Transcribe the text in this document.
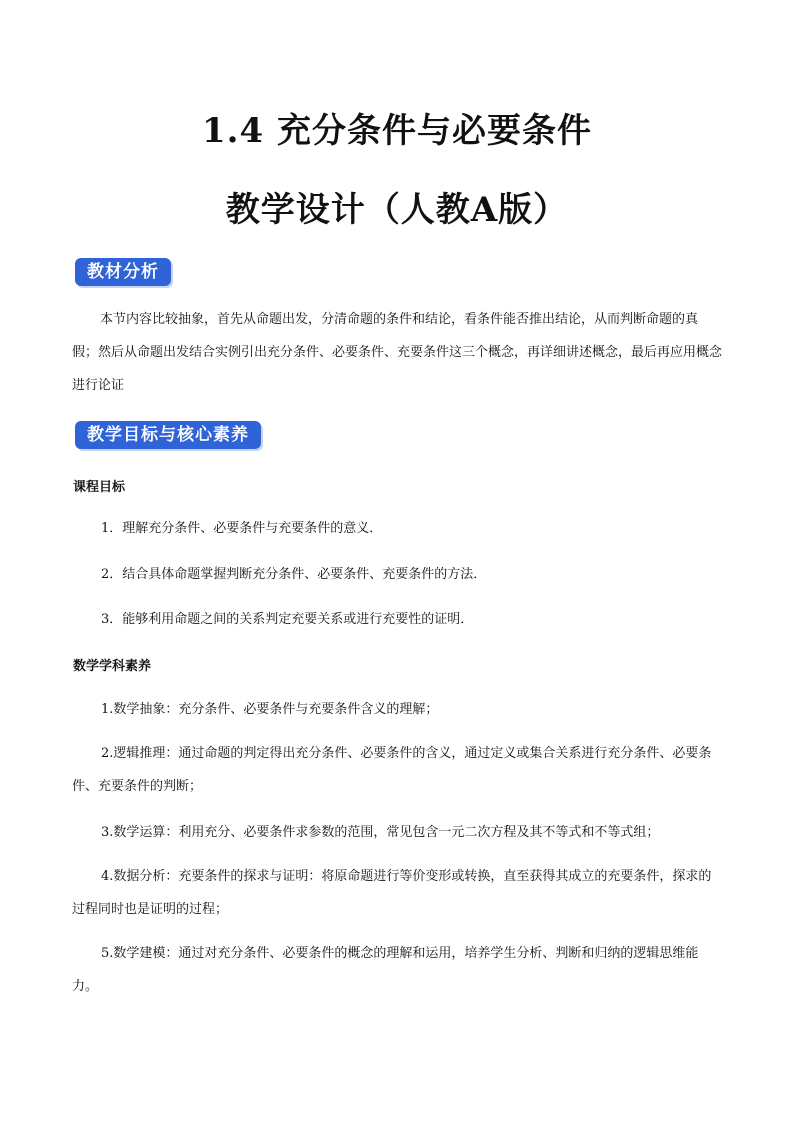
1.4 充分条件与必要条件
教学设计（人教A版）
教材分析
本节内容比较抽象，首先从命题出发，分清命题的条件和结论，看条件能否推出结论，从而判断命题的真假；然后从命题出发结合实例引出充分条件、必要条件、充要条件这三个概念，再详细讲述概念，最后再应用概念进行论证
教学目标与核心素养
课程目标
1．理解充分条件、必要条件与充要条件的意义．
2．结合具体命题掌握判断充分条件、必要条件、充要条件的方法．
3．能够利用命题之间的关系判定充要关系或进行充要性的证明．
数学学科素养
1.数学抽象：充分条件、必要条件与充要条件含义的理解；
2.逻辑推理：通过命题的判定得出充分条件、必要条件的含义，通过定义或集合关系进行充分条件、必要条件、充要条件的判断；
3.数学运算：利用充分、必要条件求参数的范围，常见包含一元二次方程及其不等式和不等式组；
4.数据分析：充要条件的探求与证明：将原命题进行等价变形或转换，直至获得其成立的充要条件，探求的过程同时也是证明的过程；
5.数学建模：通过对充分条件、必要条件的概念的理解和运用，培养学生分析、判断和归纳的逻辑思维能力。
